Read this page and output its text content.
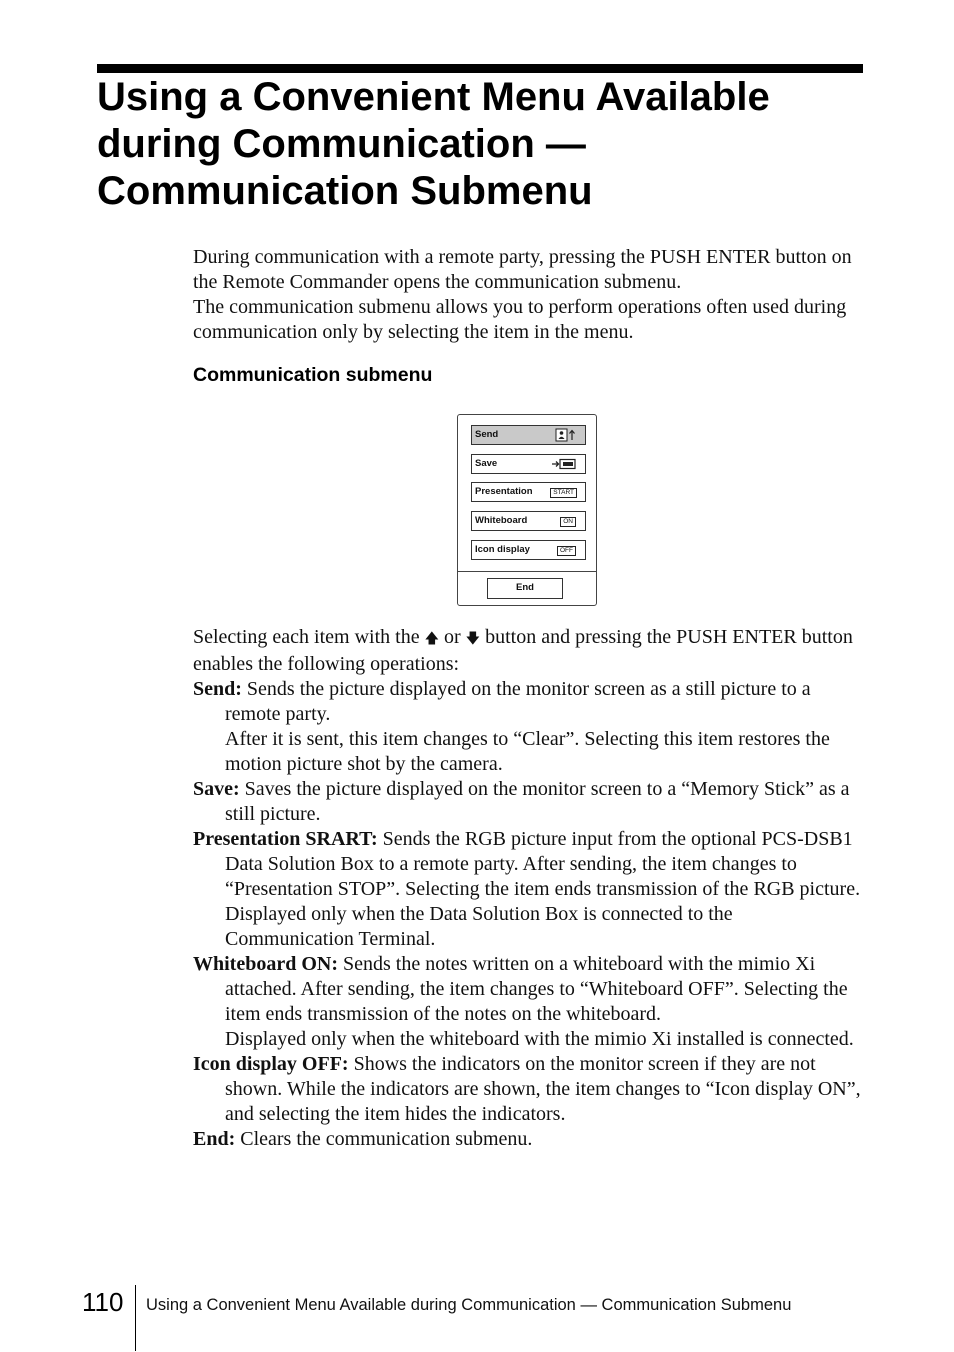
Using a Convenient Menu Available
during Communication —
Communication Submenu

During communication with a remote party, pressing the PUSH ENTER button on the Remote Commander opens the communication submenu.

The communication submenu allows you to perform operations often used during communication only by selecting the item in the menu.

Communication submenu
Send
Save
Presentation	START
Whiteboard	ON
Icon display	OFF
End

Selecting each item with the 🡅 or 🡇 button and pressing the PUSH ENTER button enables the following operations:

Send: Sends the picture displayed on the monitor screen as a still picture to a remote party.

After it is sent, this item changes to “Clear”. Selecting this item restores the motion picture shot by the camera.

Save: Saves the picture displayed on the monitor screen to a “Memory Stick” as a still picture.

Presentation SRART: Sends the RGB picture input from the optional PCS-DSB1 Data Solution Box to a remote party. After sending, the item changes to “Presentation STOP”. Selecting the item ends transmission of the RGB picture.

Displayed only when the Data Solution Box is connected to the Communication Terminal.

Whiteboard ON: Sends the notes written on a whiteboard with the mimio Xi attached. After sending, the item changes to “Whiteboard OFF”. Selecting the item ends transmission of the notes on the whiteboard.

Displayed only when the whiteboard with the mimio Xi installed is connected.

Icon display OFF: Shows the indicators on the monitor screen if they are not shown. While the indicators are shown, the item changes to “Icon display ON”, and selecting the item hides the indicators.

End: Clears the communication submenu.

110 Using a Convenient Menu Available during Communication — Communication Submenu
